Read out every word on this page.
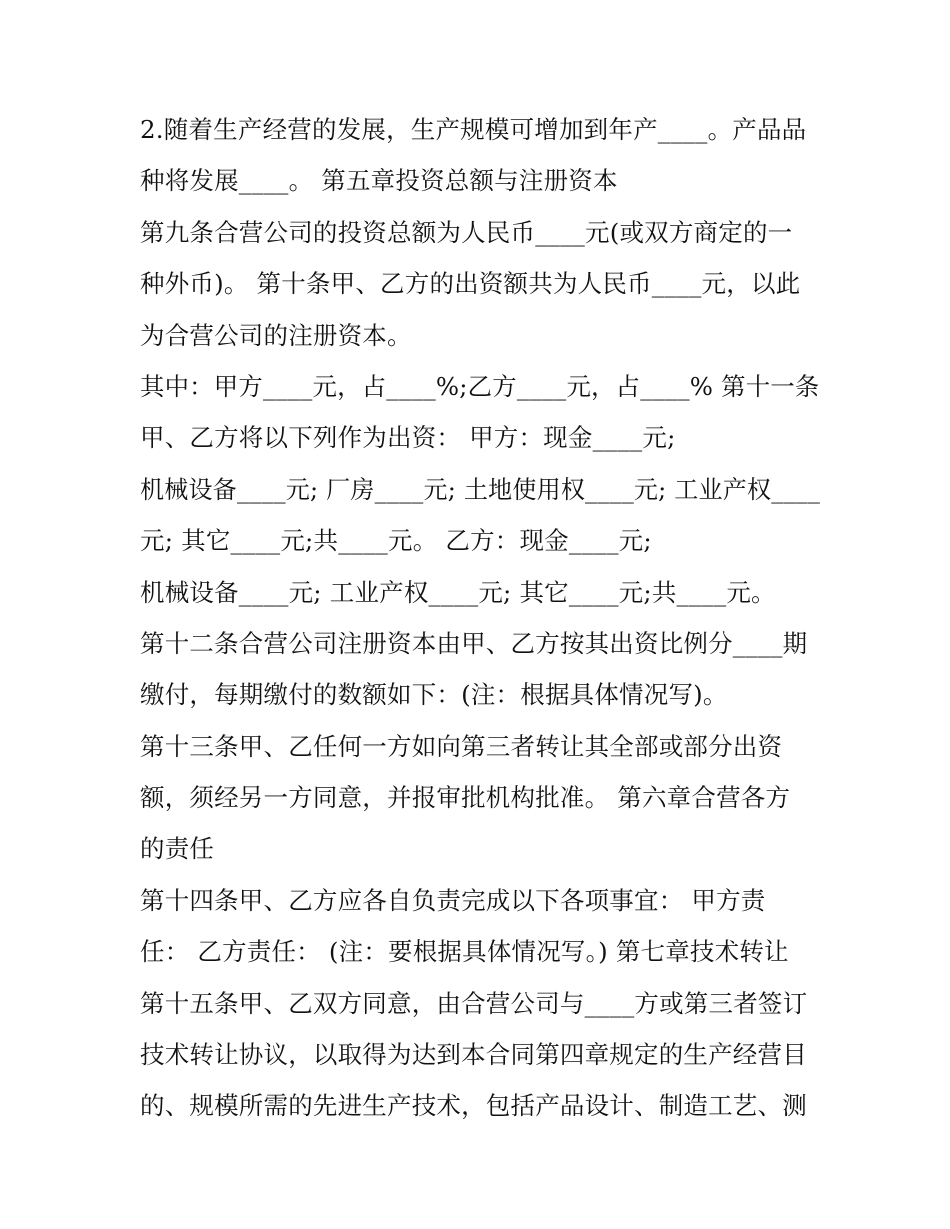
2.随着生产经营的发展，生产规模可增加到年产____。产品品
种将发展____。 第五章投资总额与注册资本
第九条合营公司的投资总额为人民币____元(或双方商定的一
种外币)。 第十条甲、乙方的出资额共为人民币____元，以此
为合营公司的注册资本。
其中：甲方____元，占____%;乙方____元，占____% 第十一条
甲、乙方将以下列作为出资： 甲方：现金____元;
机械设备____元; 厂房____元; 土地使用权____元; 工业产权____
元; 其它____元;共____元。 乙方：现金____元;
机械设备____元; 工业产权____元; 其它____元;共____元。
第十二条合营公司注册资本由甲、乙方按其出资比例分____期
缴付，每期缴付的数额如下：(注：根据具体情况写)。
第十三条甲、乙任何一方如向第三者转让其全部或部分出资
额，须经另一方同意，并报审批机构批准。 第六章合营各方
的责任
第十四条甲、乙方应各自负责完成以下各项事宜： 甲方责
任： 乙方责任： (注：要根据具体情况写。) 第七章技术转让
第十五条甲、乙双方同意，由合营公司与____方或第三者签订
技术转让协议，以取得为达到本合同第四章规定的生产经营目
的、规模所需的先进生产技术，包括产品设计、制造工艺、测
